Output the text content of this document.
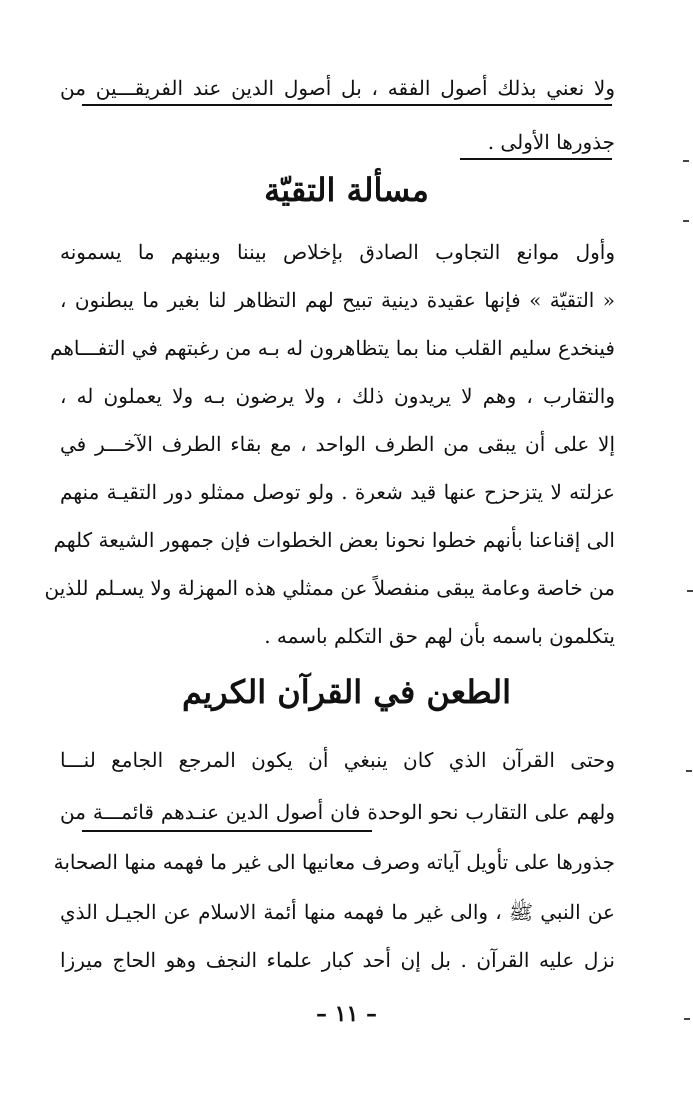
ولا نعني بذلك أصول الفقه ، بل أصول الدين عند الفريقـــين من
جذورها الأولى .
مسألة التقيّة
وأول موانع التجاوب الصادق بإخلاص بيننا وبينهم ما يسمونه
« التقيّة » فإنها عقيدة دينية تبيح لهم التظاهر لنا بغير ما يبطنون ،
فينخدع سليم القلب منا بما يتظاهرون له بـه من رغبتهم في التفـــاهم
والتقارب ، وهم لا يريدون ذلك ، ولا يرضون بـه ولا يعملون له ،
إلا على أن يبقى من الطرف الواحد ، مع بقاء الطرف الآخـــر في
عزلته لا يتزحزح عنها قيد شعرة . ولو توصل ممثلو دور التقيـة منهم
الى إقناعنا بأنهم خطوا نحونا بعض الخطوات فإن جمهور الشيعة كلهم
من خاصة وعامة يبقى منفصلاً عن ممثلي هذه المهزلة ولا يسـلم للذين
يتكلمون باسمه بأن لهم حق التكلم باسمه .
الطعن في القرآن الكريم
وحتى القرآن الذي كان ينبغي أن يكون المرجع الجامع لنـــا
ولهم على التقارب نحو الوحدة فان أصول الدين عنـدهم قائمـــة من
جذورها على تأويل آياته وصرف معانيها الى غير ما فهمه منها الصحابة
عن النبي ﷺ ، والى غير ما فهمه منها أئمة الاسلام عن الجيـل الذي
نزل عليه القرآن . بل إن أحد كبار علماء النجف وهو الحاج ميرزا
– ١١ –
